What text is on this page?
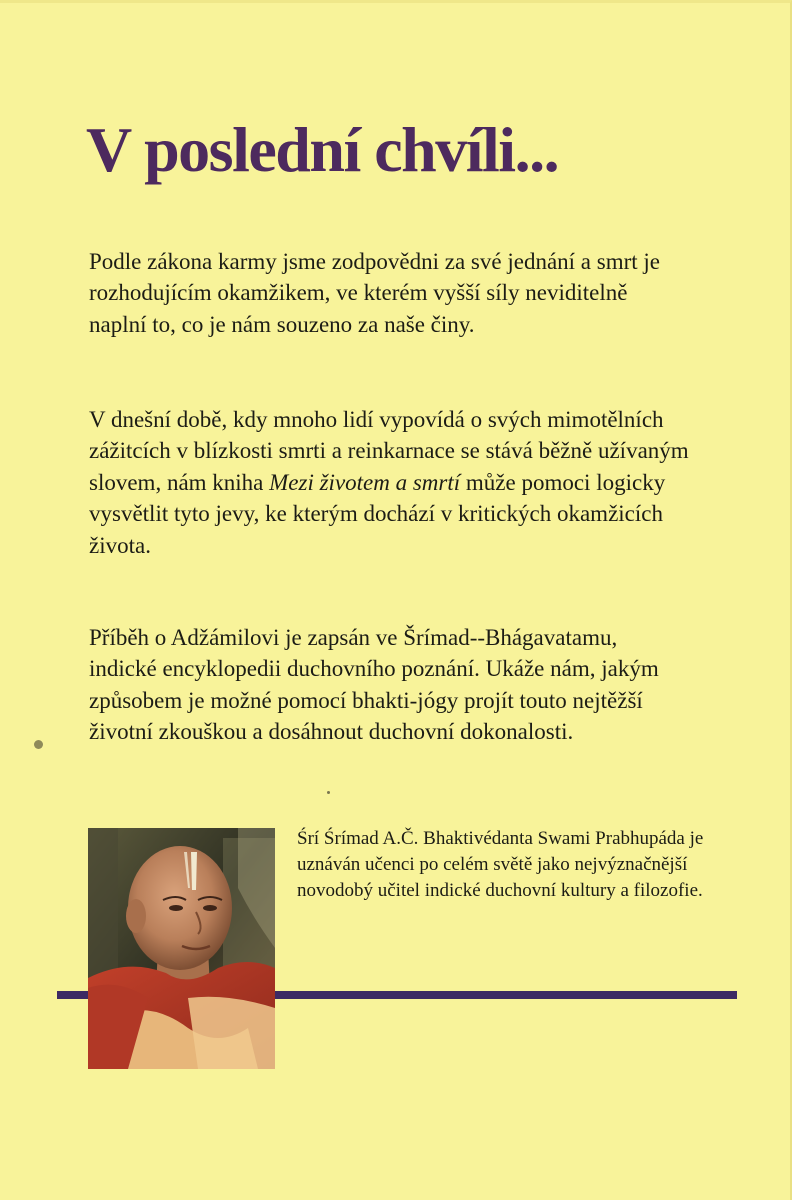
V poslední chvíli...

Podle zákona karmy jsme zodpovědni za své jednání a smrt je rozhodujícím okamžikem, ve kterém vyšší síly neviditelně naplní to, co je nám souzeno za naše činy.

V dnešní době, kdy mnoho lidí vypovídá o svých mimotělních zážitcích v blízkosti smrti a reinkarnace se stává běžně užívaným slovem, nám kniha Mezi životem a smrtí může pomoci logicky vysvětlit tyto jevy, ke kterým dochází v kritických okamžicích života.

Příběh o Adžámilovi je zapsán ve Šrímad--Bhágavatamu, indické encyklopedii duchovního poznání. Ukáže nám, jakým způsobem je možné pomocí bhakti-jógy projít touto nejtěžší životní zkouškou a dosáhnout duchovní dokonalosti.

Śrí Śrímad A.Č. Bhaktivédanta Swami Prabhupáda je uznáván učenci po celém světě jako nejvýznačnější novodobý učitel indické duchovní kultury a filozofie.
